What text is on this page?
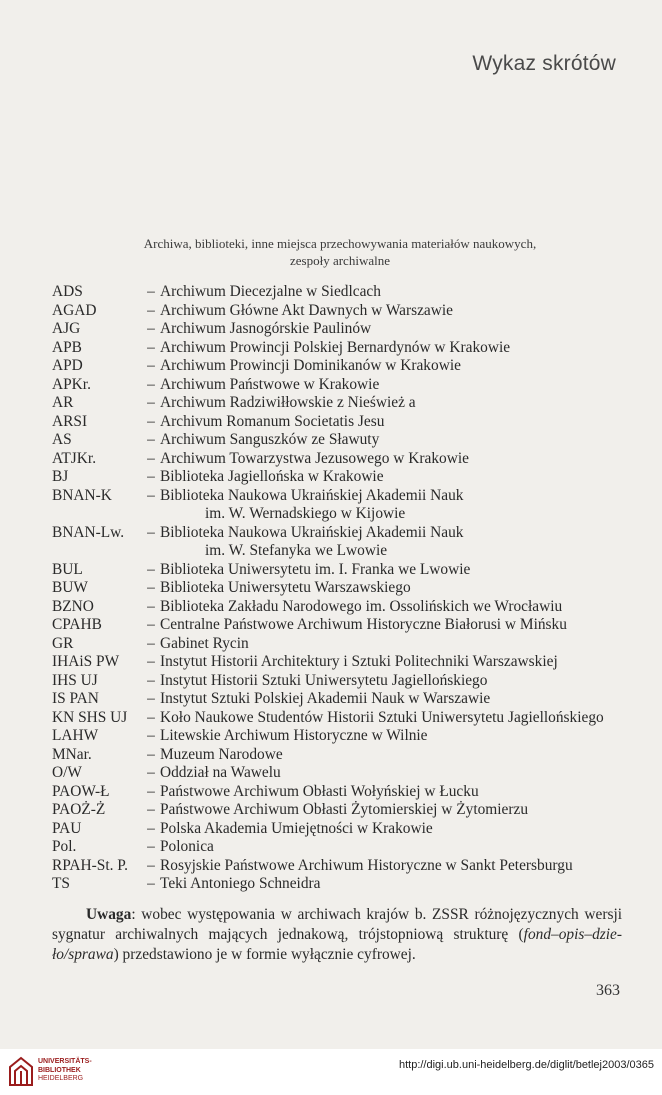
Wykaz skrótów
Archiwa, biblioteki, inne miejsca przechowywania materiałów naukowych,
zespoły archiwalne
ADS	– Archiwum Diecezjalne w Siedlcach
AGAD	– Archiwum Główne Akt Dawnych w Warszawie
AJG	– Archiwum Jasnogórskie Paulinów
APB	– Archiwum Prowincji Polskiej Bernardynów w Krakowie
APD	– Archiwum Prowincji Dominikanów w Krakowie
APKr.	– Archiwum Państwowe w Krakowie
AR	– Archiwum Radziwiłłowskie z Nieśwież a
ARSI	– Archivum Romanum Societatis Jesu
AS	– Archiwum Sanguszków ze Sławuty
ATJKr.	– Archiwum Towarzystwa Jezusowego w Krakowie
BJ	– Biblioteka Jagiellońska w Krakowie
BNAN-K	– Biblioteka Naukowa Ukraińskiej Akademii Nauk
im. W. Wernadskiego w Kijowie
BNAN-Lw.	– Biblioteka Naukowa Ukraińskiej Akademii Nauk
im. W. Stefanyka we Lwowie
BUL	– Biblioteka Uniwersytetu im. I. Franka we Lwowie
BUW	– Biblioteka Uniwersytetu Warszawskiego
BZNO	– Biblioteka Zakładu Narodowego im. Ossolińskich we Wrocławiu
CPAHB	– Centralne Państwowe Archiwum Historyczne Białorusi w Mińsku
GR	– Gabinet Rycin
IHAiS PW	– Instytut Historii Architektury i Sztuki Politechniki Warszawskiej
IHS UJ	– Instytut Historii Sztuki Uniwersytetu Jagiellońskiego
IS PAN	– Instytut Sztuki Polskiej Akademii Nauk w Warszawie
KN SHS UJ	– Koło Naukowe Studentów Historii Sztuki Uniwersytetu Jagiellońskiego
LAHW	– Litewskie Archiwum Historyczne w Wilnie
MNar.	– Muzeum Narodowe
O/W	– Oddział na Wawelu
PAOW-Ł	– Państwowe Archiwum Obłasti Wołyńskiej w Łucku
PAOŻ-Ż	– Państwowe Archiwum Obłasti Żytomierskiej w Żytomierzu
PAU	– Polska Akademia Umiejętności w Krakowie
Pol.	– Polonica
RPAH-St. P.	– Rosyjskie Państwowe Archiwum Historyczne w Sankt Petersburgu
TS	– Teki Antoniego Schneidra
Uwaga: wobec występowania w archiwach krajów b. ZSSR różnojęzycznych wersji sygnatur archiwalnych mających jednakową, trójstopniową strukturę (fond–opis–dzie-ło/sprawa) przedstawiono je w formie wyłącznie cyfrowej.
363
UNIVERSITÄTS-
BIBLIOTHEK
HEIDELBERG
http://digi.ub.uni-heidelberg.de/diglit/betlej2003/0365
